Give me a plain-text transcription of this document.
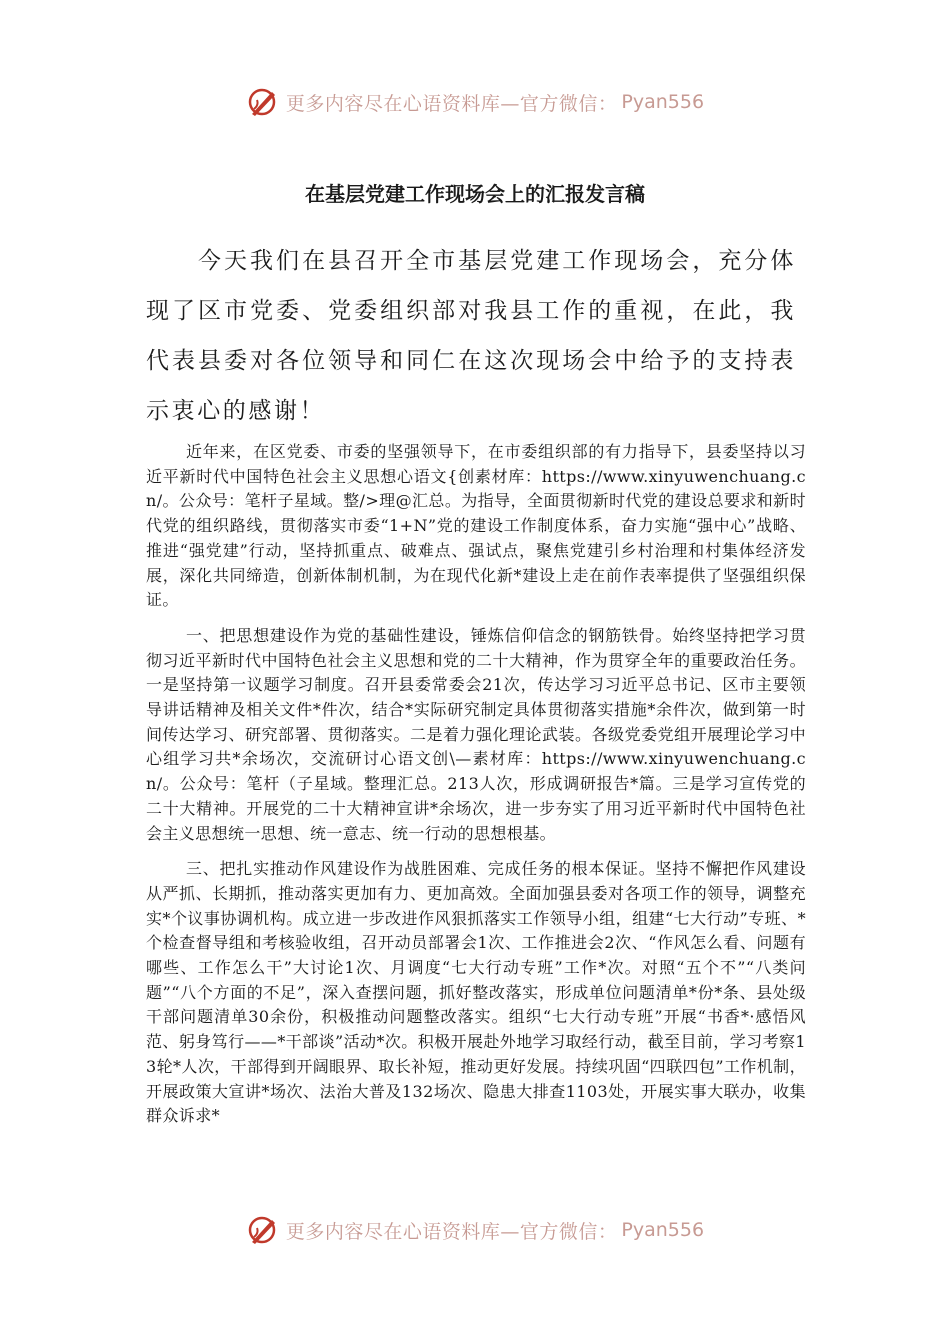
更多内容尽在心语资料库—官方微信： Pyan556
在基层党建工作现场会上的汇报发言稿

今天我们在县召开全市基层党建工作现场会，充分体现了区市党委、党委组织部对我县工作的重视，在此，我代表县委对各位领导和同仁在这次现场会中给予的支持表示衷心的感谢！

近年来，在区党委、市委的坚强领导下，在市委组织部的有力指导下，县委坚持以习近平新时代中国特色社会主义思想心语文{创素材库：https://www.xinyuwenchuang.cn/。公众号：笔杆子星域。整/>理@汇总。为指导，全面贯彻新时代党的建设总要求和新时代党的组织路线，贯彻落实市委“1+N”党的建设工作制度体系，奋力实施“强中心”战略、推进“强党建”行动，坚持抓重点、破难点、强试点，聚焦党建引乡村治理和村集体经济发展，深化共同缔造，创新体制机制，为在现代化新*建设上走在前作表率提供了坚强组织保证。

一、把思想建设作为党的基础性建设，锤炼信仰信念的钢筋铁骨。始终坚持把学习贯彻习近平新时代中国特色社会主义思想和党的二十大精神，作为贯穿全年的重要政治任务。一是坚持第一议题学习制度。召开县委常委会21次，传达学习习近平总书记、区市主要领导讲话精神及相关文件*件次，结合*实际研究制定具体贯彻落实措施*余件次，做到第一时间传达学习、研究部署、贯彻落实。二是着力强化理论武装。各级党委党组开展理论学习中心组学习共*余场次，交流研讨心语文创\—素材库：https://www.xinyuwenchuang.cn/。公众号：笔杆（子星域。整理汇总。213人次，形成调研报告*篇。三是学习宣传党的二十大精神。开展党的二十大精神宣讲*余场次，进一步夯实了用习近平新时代中国特色社会主义思想统一思想、统一意志、统一行动的思想根基。

三、把扎实推动作风建设作为战胜困难、完成任务的根本保证。坚持不懈把作风建设从严抓、长期抓，推动落实更加有力、更加高效。全面加强县委对各项工作的领导，调整充实*个议事协调机构。成立进一步改进作风狠抓落实工作领导小组，组建“七大行动”专班、*个检查督导组和考核验收组，召开动员部署会1次、工作推进会2次、“作风怎么看、问题有哪些、工作怎么干”大讨论1次、月调度“七大行动专班”工作*次。对照“五个不”“八类问题”“八个方面的不足”，深入查摆问题，抓好整改落实，形成单位问题清单*份*条、县处级干部问题清单30余份，积极推动问题整改落实。组织“七大行动专班”开展“书香*·感悟风范、躬身笃行——*干部谈”活动*次。积极开展赴外地学习取经行动，截至目前，学习考察13轮*人次，干部得到开阔眼界、取长补短，推动更好发展。持续巩固“四联四包”工作机制，开展政策大宣讲*场次、法治大普及132场次、隐患大排查1103处，开展实事大联办，收集群众诉求*

更多内容尽在心语资料库—官方微信： Pyan556
